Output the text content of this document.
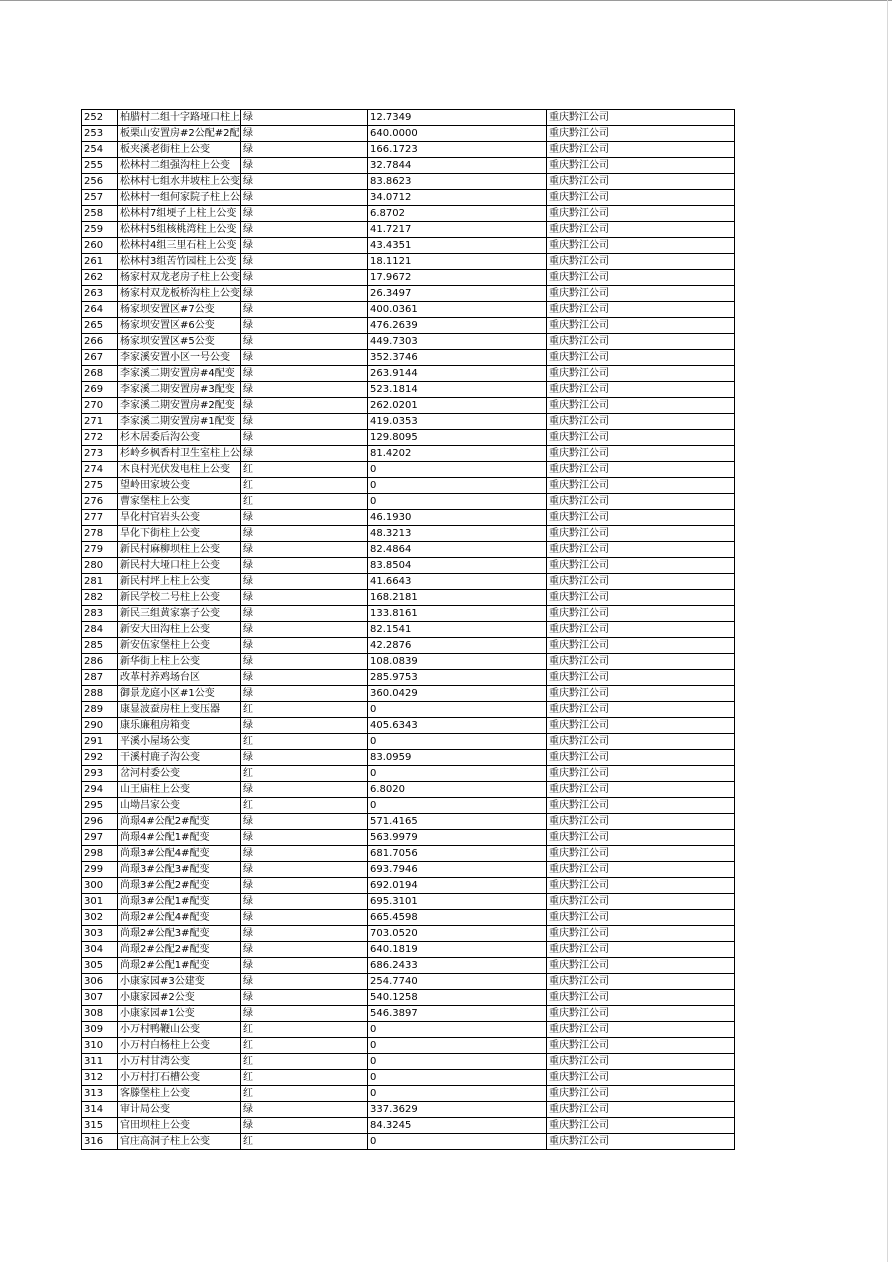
252	柏腊村二组十字路垭口柱上	绿	12.7349	重庆黔江公司
253	板栗山安置房#2公配#2配	绿	640.0000	重庆黔江公司
254	板夹溪老街柱上公变	绿	166.1723	重庆黔江公司
255	松林村二组强沟柱上公变	绿	32.7844	重庆黔江公司
256	松林村七组水井坡柱上公变	绿	83.8623	重庆黔江公司
257	松林村一组何家院子柱上公	绿	34.0712	重庆黔江公司
258	松林村7组埂子上柱上公变	绿	6.8702	重庆黔江公司
259	松林村5组核桃湾柱上公变	绿	41.7217	重庆黔江公司
260	松林村4组三里石柱上公变	绿	43.4351	重庆黔江公司
261	松林村3组苦竹园柱上公变	绿	18.1121	重庆黔江公司
262	杨家村双龙老房子柱上公变	绿	17.9672	重庆黔江公司
263	杨家村双龙板桥沟柱上公变	绿	26.3497	重庆黔江公司
264	杨家坝安置区#7公变	绿	400.0361	重庆黔江公司
265	杨家坝安置区#6公变	绿	476.2639	重庆黔江公司
266	杨家坝安置区#5公变	绿	449.7303	重庆黔江公司
267	李家溪安置小区一号公变	绿	352.3746	重庆黔江公司
268	李家溪二期安置房#4配变	绿	263.9144	重庆黔江公司
269	李家溪二期安置房#3配变	绿	523.1814	重庆黔江公司
270	李家溪二期安置房#2配变	绿	262.0201	重庆黔江公司
271	李家溪二期安置房#1配变	绿	419.0353	重庆黔江公司
272	杉木居委后沟公变	绿	129.8095	重庆黔江公司
273	杉岭乡枫香村卫生室柱上公	绿	81.4202	重庆黔江公司
274	木良村光伏发电柱上公变	红	0	重庆黔江公司
275	望岭田家坡公变	红	0	重庆黔江公司
276	曹家堡柱上公变	红	0	重庆黔江公司
277	旱化村官岩头公变	绿	46.1930	重庆黔江公司
278	旱化下街柱上公变	绿	48.3213	重庆黔江公司
279	新民村麻柳坝柱上公变	绿	82.4864	重庆黔江公司
280	新民村大垭口柱上公变	绿	83.8504	重庆黔江公司
281	新民村坪上柱上公变	绿	41.6643	重庆黔江公司
282	新民学校二号柱上公变	绿	168.2181	重庆黔江公司
283	新民三组黄家寨子公变	绿	133.8161	重庆黔江公司
284	新安大田沟柱上公变	绿	82.1541	重庆黔江公司
285	新安伍家堡柱上公变	绿	42.2876	重庆黔江公司
286	新华街上柱上公变	绿	108.0839	重庆黔江公司
287	改革村养鸡场台区	绿	285.9753	重庆黔江公司
288	御景龙庭小区#1公变	绿	360.0429	重庆黔江公司
289	康显波蚕房柱上变压器	红	0	重庆黔江公司
290	康乐廉租房箱变	绿	405.6343	重庆黔江公司
291	平溪小屋场公变	红	0	重庆黔江公司
292	干溪村鹿子沟公变	绿	83.0959	重庆黔江公司
293	岔河村委公变	红	0	重庆黔江公司
294	山王庙柱上公变	绿	6.8020	重庆黔江公司
295	山坳吕家公变	红	0	重庆黔江公司
296	尚璟4#公配2#配变	绿	571.4165	重庆黔江公司
297	尚璟4#公配1#配变	绿	563.9979	重庆黔江公司
298	尚璟3#公配4#配变	绿	681.7056	重庆黔江公司
299	尚璟3#公配3#配变	绿	693.7946	重庆黔江公司
300	尚璟3#公配2#配变	绿	692.0194	重庆黔江公司
301	尚璟3#公配1#配变	绿	695.3101	重庆黔江公司
302	尚璟2#公配4#配变	绿	665.4598	重庆黔江公司
303	尚璟2#公配3#配变	绿	703.0520	重庆黔江公司
304	尚璟2#公配2#配变	绿	640.1819	重庆黔江公司
305	尚璟2#公配1#配变	绿	686.2433	重庆黔江公司
306	小康家园#3公建变	绿	254.7740	重庆黔江公司
307	小康家园#2公变	绿	540.1258	重庆黔江公司
308	小康家园#1公变	绿	546.3897	重庆黔江公司
309	小万村鸭鞭山公变	红	0	重庆黔江公司
310	小万村白杨柱上公变	红	0	重庆黔江公司
311	小万村甘湾公变	红	0	重庆黔江公司
312	小万村打石槽公变	红	0	重庆黔江公司
313	客滕堡柱上公变	红	0	重庆黔江公司
314	审计局公变	绿	337.3629	重庆黔江公司
315	官田坝柱上公变	绿	84.3245	重庆黔江公司
316	官庄高洞子柱上公变	红	0	重庆黔江公司
